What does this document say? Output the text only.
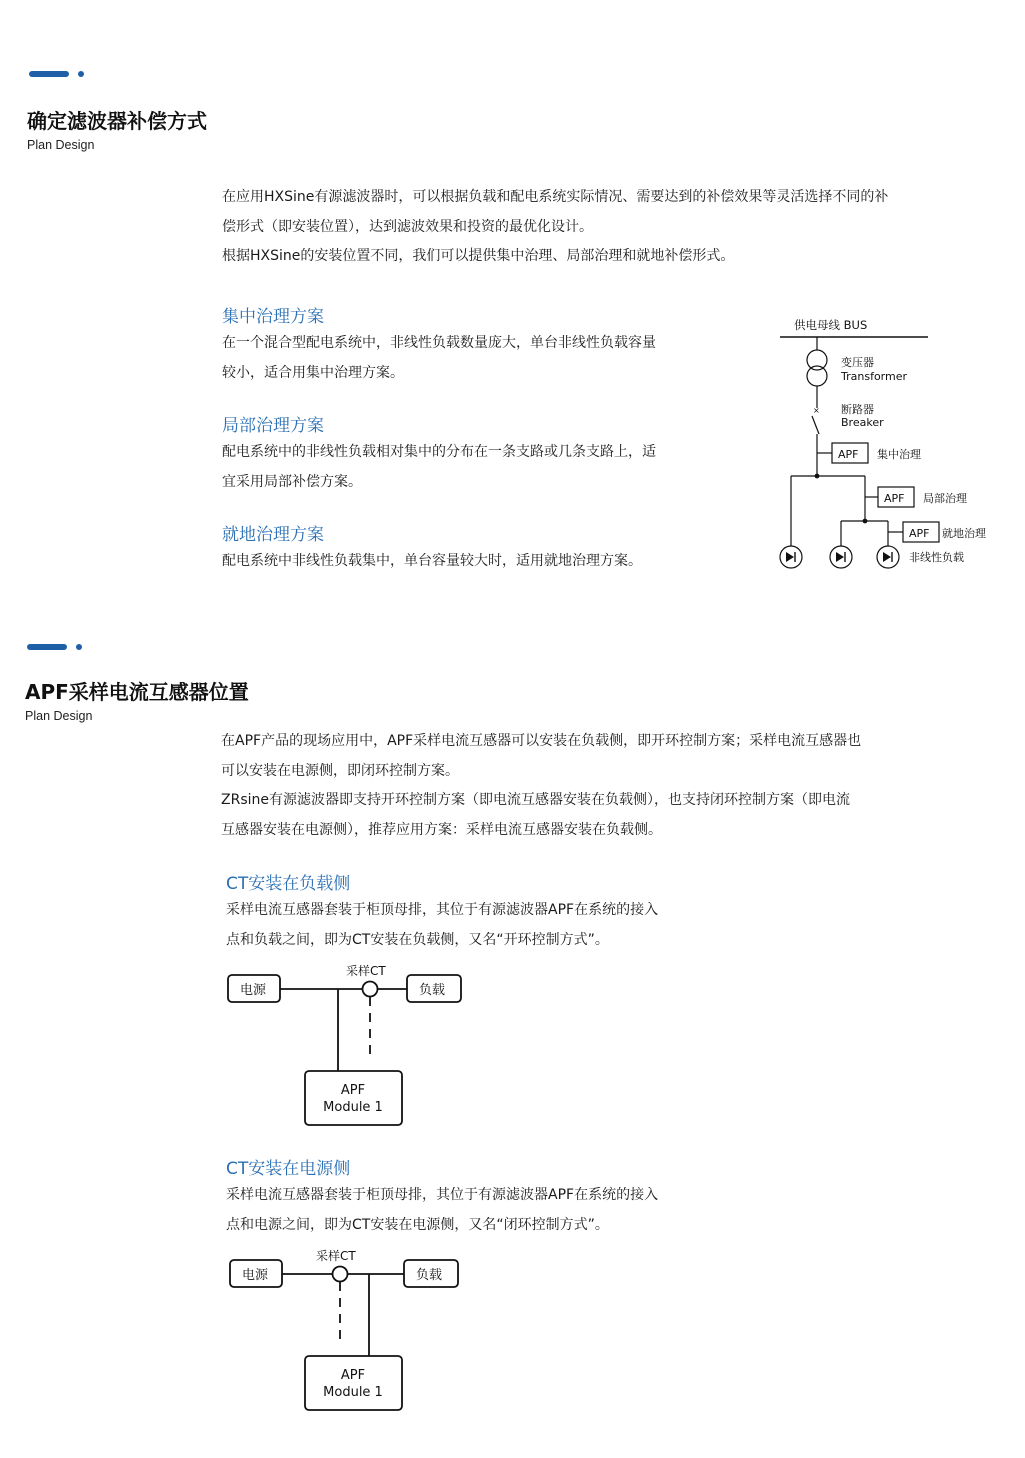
确定滤波器补偿方式
Plan Design

在应用HXSine有源滤波器时，可以根据负载和配电系统实际情况、需要达到的补偿效果等灵活选择不同的补

偿形式（即安装位置），达到滤波效果和投资的最优化设计。

根据HXSine的安装位置不同，我们可以提供集中治理、局部治理和就地补偿形式。

集中治理方案
在一个混合型配电系统中，非线性负载数量庞大，单台非线性负载容量
较小，适合用集中治理方案。
局部治理方案
配电系统中的非线性负载相对集中的分布在一条支路或几条支路上，适
宜采用局部补偿方案。
就地治理方案
配电系统中非线性负载集中，单台容量较大时，适用就地治理方案。
供电母线 BUS
变压器
Transformer
× 断路器
Breaker
APF 集中治理
APF 局部治理
APF 就地治理
非线性负载
APF采样电流互感器位置
Plan Design

在APF产品的现场应用中，APF采样电流互感器可以安装在负载侧，即开环控制方案；采样电流互感器也

可以安装在电源侧，即闭环控制方案。

ZRsine有源滤波器即支持开环控制方案（即电流互感器安装在负载侧），也支持闭环控制方案（即电流

互感器安装在电源侧），推荐应用方案：采样电流互感器安装在负载侧。

CT安装在负载侧
采样电流互感器套装于柜顶母排，其位于有源滤波器APF在系统的接入
点和负载之间，即为CT安装在负载侧，又名“开环控制方式”。
采样CT
电源	负载
APF
Module 1
CT安装在电源侧
采样电流互感器套装于柜顶母排，其位于有源滤波器APF在系统的接入
点和电源之间，即为CT安装在电源侧，又名“闭环控制方式”。
采样CT
电源	负载
APF
Module 1
